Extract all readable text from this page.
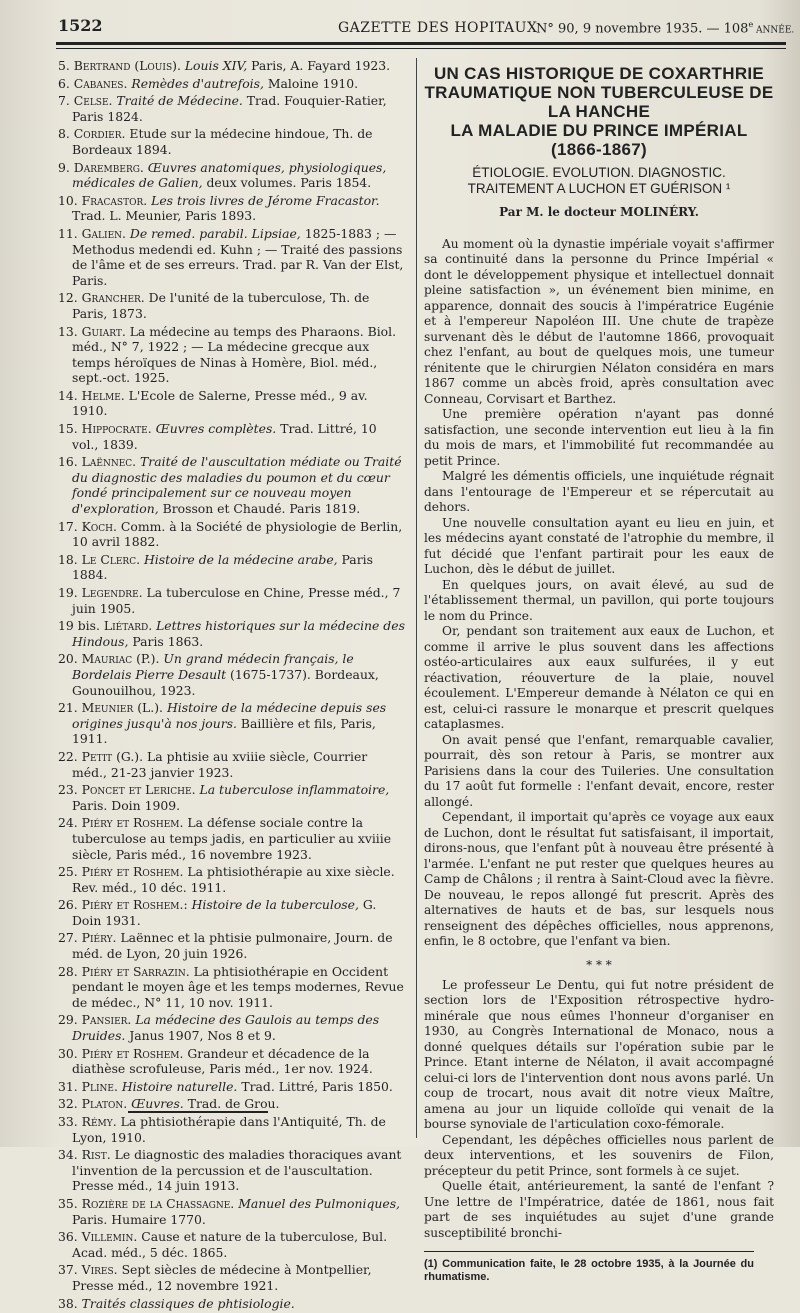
1522	GAZETTE DES HOPITAUX
N° 90, 9 novembre 1935. — 108e ANNÉE.
5. Bertrand (Louis). Louis XIV, Paris, A. Fayard 1923.
6. Cabanes. Remèdes d'autrefois, Maloine 1910.
7. Celse. Traité de Médecine. Trad. Fouquier-Ratier, Paris 1824.
8. Cordier. Etude sur la médecine hindoue, Th. de Bordeaux 1894.
9. Daremberg. Œuvres anatomiques, physiologiques, médicales de Galien, deux volumes. Paris 1854.
10. Fracastor. Les trois livres de Jérome Fracastor. Trad. L. Meunier, Paris 1893.
11. Galien. De remed. parabil. Lipsiae, 1825-1883 ; — Methodus medendi ed. Kuhn ; — Traité des passions de l'âme et de ses erreurs. Trad. par R. Van der Elst, Paris.
12. Grancher. De l'unité de la tuberculose, Th. de Paris, 1873.
13. Guiart. La médecine au temps des Pharaons. Biol. méd., N° 7, 1922 ; — La médecine grecque aux temps héroïques de Ninas à Homère, Biol. méd., sept.-oct. 1925.
14. Helme. L'Ecole de Salerne, Presse méd., 9 av. 1910.
15. Hippocrate. Œuvres complètes. Trad. Littré, 10 vol., 1839.
16. Laënnec. Traité de l'auscultation médiate ou Traité du diagnostic des maladies du poumon et du cœur fondé principalement sur ce nouveau moyen d'exploration, Brosson et Chaudé. Paris 1819.
17. Koch. Comm. à la Société de physiologie de Berlin, 10 avril 1882.
18. Le Clerc. Histoire de la médecine arabe, Paris 1884.
19. Legendre. La tuberculose en Chine, Presse méd., 7 juin 1905.
19 bis. Liétard. Lettres historiques sur la médecine des Hindous, Paris 1863.
20. Mauriac (P.). Un grand médecin français, le Bordelais Pierre Desault (1675-1737). Bordeaux, Gounouilhou, 1923.
21. Meunier (L.). Histoire de la médecine depuis ses origines jusqu'à nos jours. Baillière et fils, Paris, 1911.
22. Petit (G.). La phtisie au xviiie siècle, Courrier méd., 21-23 janvier 1923.
23. Poncet et Leriche. La tuberculose inflammatoire, Paris. Doin 1909.
24. Piéry et Roshem. La défense sociale contre la tuberculose au temps jadis, en particulier au xviiie siècle, Paris méd., 16 novembre 1923.
25. Piéry et Roshem. La phtisiothérapie au xixe siècle. Rev. méd., 10 déc. 1911.
26. Piéry et Roshem.: Histoire de la tuberculose, G. Doin 1931.
27. Piéry. Laënnec et la phtisie pulmonaire, Journ. de méd. de Lyon, 20 juin 1926.
28. Piéry et Sarrazin. La phtisiothérapie en Occident pendant le moyen âge et les temps modernes, Revue de médec., N° 11, 10 nov. 1911.
29. Pansier. La médecine des Gaulois au temps des Druides. Janus 1907, Nos 8 et 9.
30. Piéry et Roshem. Grandeur et décadence de la diathèse scrofuleuse, Paris méd., 1er nov. 1924.
31. Pline. Histoire naturelle. Trad. Littré, Paris 1850.
32. Platon. Œuvres. Trad. de Grou.
33. Rémy. La phtisiothérapie dans l'Antiquité, Th. de Lyon, 1910.
34. Rist. Le diagnostic des maladies thoraciques avant l'invention de la percussion et de l'auscultation. Presse méd., 14 juin 1913.
35. Rozière de la Chassagne. Manuel des Pulmoniques, Paris. Humaire 1770.
36. Villemin. Cause et nature de la tuberculose, Bul. Acad. méd., 5 déc. 1865.
37. Vires. Sept siècles de médecine à Montpellier, Presse méd., 12 novembre 1921.
38. Traités classiques de phtisiologie.
UN CAS HISTORIQUE DE COXARTHRIE
TRAUMATIQUE NON TUBERCULEUSE DE LA HANCHE
LA MALADIE DU PRINCE IMPÉRIAL (1866-1867)
ÉTIOLOGIE. EVOLUTION. DIAGNOSTIC.
TRAITEMENT A LUCHON ET GUÉRISON ¹
Par M. le docteur MOLINÉRY.

Au moment où la dynastie impériale voyait s'affirmer sa continuité dans la personne du Prince Impérial « dont le développement physique et intellectuel donnait pleine satisfaction », un événement bien minime, en apparence, donnait des soucis à l'impératrice Eugénie et à l'empereur Napoléon III. Une chute de trapèze survenant dès le début de l'automne 1866, provoquait chez l'enfant, au bout de quelques mois, une tumeur rénitente que le chirurgien Nélaton considéra en mars 1867 comme un abcès froid, après consultation avec Conneau, Corvisart et Barthez.

Une première opération n'ayant pas donné satisfaction, une seconde intervention eut lieu à la fin du mois de mars, et l'immobilité fut recommandée au petit Prince.

Malgré les démentis officiels, une inquiétude régnait dans l'entourage de l'Empereur et se répercutait au dehors.

Une nouvelle consultation ayant eu lieu en juin, et les médecins ayant constaté de l'atrophie du membre, il fut décidé que l'enfant partirait pour les eaux de Luchon, dès le début de juillet.

En quelques jours, on avait élevé, au sud de l'établissement thermal, un pavillon, qui porte toujours le nom du Prince.

Or, pendant son traitement aux eaux de Luchon, et comme il arrive le plus souvent dans les affections ostéo-articulaires aux eaux sulfurées, il y eut réactivation, réouverture de la plaie, nouvel écoulement. L'Empereur demande à Nélaton ce qui en est, celui-ci rassure le monarque et prescrit quelques cataplasmes.

On avait pensé que l'enfant, remarquable cavalier, pourrait, dès son retour à Paris, se montrer aux Parisiens dans la cour des Tuileries. Une consultation du 17 août fut formelle : l'enfant devait, encore, rester allongé.

Cependant, il importait qu'après ce voyage aux eaux de Luchon, dont le résultat fut satisfaisant, il importait, dirons-nous, que l'enfant pût à nouveau être présenté à l'armée. L'enfant ne put rester que quelques heures au Camp de Châlons ; il rentra à Saint-Cloud avec la fièvre. De nouveau, le repos allongé fut prescrit. Après des alternatives de hauts et de bas, sur lesquels nous renseignent des dépêches officielles, nous apprenons, enfin, le 8 octobre, que l'enfant va bien.

* * *

Le professeur Le Dentu, qui fut notre président de section lors de l'Exposition rétrospective hydro-minérale que nous eûmes l'honneur d'organiser en 1930, au Congrès International de Monaco, nous a donné quelques détails sur l'opération subie par le Prince. Etant interne de Nélaton, il avait accompagné celui-ci lors de l'intervention dont nous avons parlé. Un coup de trocart, nous avait dit notre vieux Maître, amena au jour un liquide colloïde qui venait de la bourse synoviale de l'articulation coxo-fémorale.

Cependant, les dépêches officielles nous parlent de deux interventions, et les souvenirs de Filon, précepteur du petit Prince, sont formels à ce sujet.

Quelle était, antérieurement, la santé de l'enfant ? Une lettre de l'Impératrice, datée de 1861, nous fait part de ses inquiétudes au sujet d'une grande susceptibilité bronchi-

(1) Communication faite, le 28 octobre 1935, à la Journée du rhumatisme.
